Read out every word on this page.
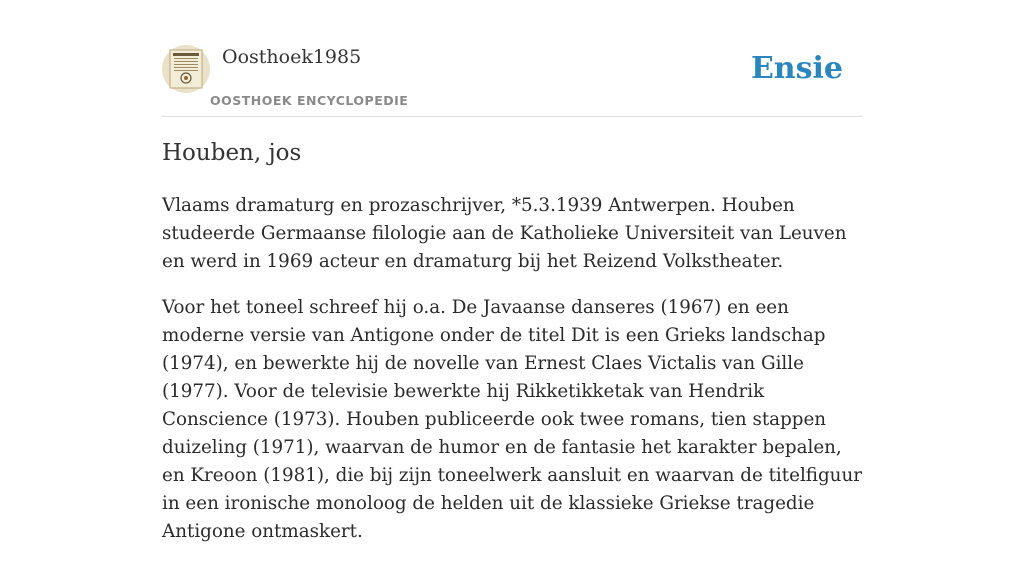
Oosthoek1985
OOSTHOEK ENCYCLOPEDIE
Ensie
Houben, jos

Vlaams dramaturg en prozaschrijver, *5.3.1939 Antwerpen. Houben studeerde Germaanse filologie aan de Katholieke Universiteit van Leuven en werd in 1969 acteur en dramaturg bij het Reizend Volkstheater.

Voor het toneel schreef hij o.a. De Javaanse danseres (1967) en een moderne versie van Antigone onder de titel Dit is een Grieks landschap (1974), en bewerkte hij de novelle van Ernest Claes Victalis van Gille (1977). Voor de televisie bewerkte hij Rikketikketak van Hendrik Conscience (1973). Houben publiceerde ook twee romans, tien stappen duizeling (1971), waarvan de humor en de fantasie het karakter bepalen, en Kreoon (1981), die bij zijn toneelwerk aansluit en waarvan de titelfiguur in een ironische monoloog de helden uit de klassieke Griekse tragedie Antigone ontmaskert.
